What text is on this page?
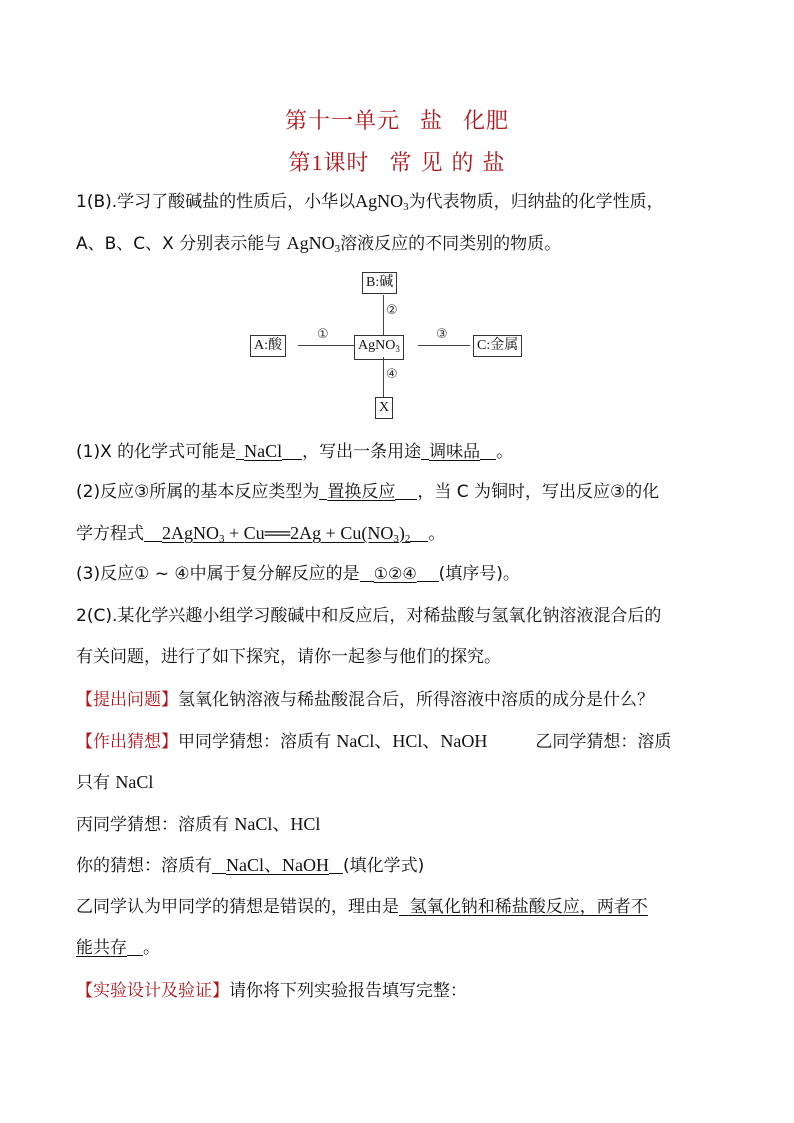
第十一单元 盐 化肥
第1课时 常 见 的 盐
1(B).学习了酸碱盐的性质后，小华以AgNO$_3$为代表物质，归纳盐的化学性质，
A、B、C、X 分别表示能与 AgNO$_3$溶液反应的不同类别的物质。
B:碱
②
A:酸
①
AgNO$_3$
③
C:金属
④
X
(1)X 的化学式可能是 NaCl ，写出一条用途 调味品 。
(2)反应③所属的基本反应类型为 置换反应 ，当 C 为铜时，写出反应③的化
学方程式 2AgNO$_3$ + Cu══2Ag + $Cu(NO_3)_2$ 。
(3)反应① ~ ④中属于复分解反应的是 ①②④ (填序号)。
2(C).某化学兴趣小组学习酸碱中和反应后，对稀盐酸与氢氧化钠溶液混合后的
有关问题，进行了如下探究，请你一起参与他们的探究。
【提出问题】氢氧化钠溶液与稀盐酸混合后，所得溶液中溶质的成分是什么？
【作出猜想】甲同学猜想：溶质有 NaCl、HCl、NaOH	乙同学猜想：溶质
只有 NaCl
丙同学猜想：溶质有 NaCl、HCl
你的猜想：溶质有 NaCl、NaOH (填化学式)
乙同学认为甲同学的猜想是错误的，理由是  氢氧化钠和稀盐酸反应，两者不
能共存 。
【实验设计及验证】请你将下列实验报告填写完整：
